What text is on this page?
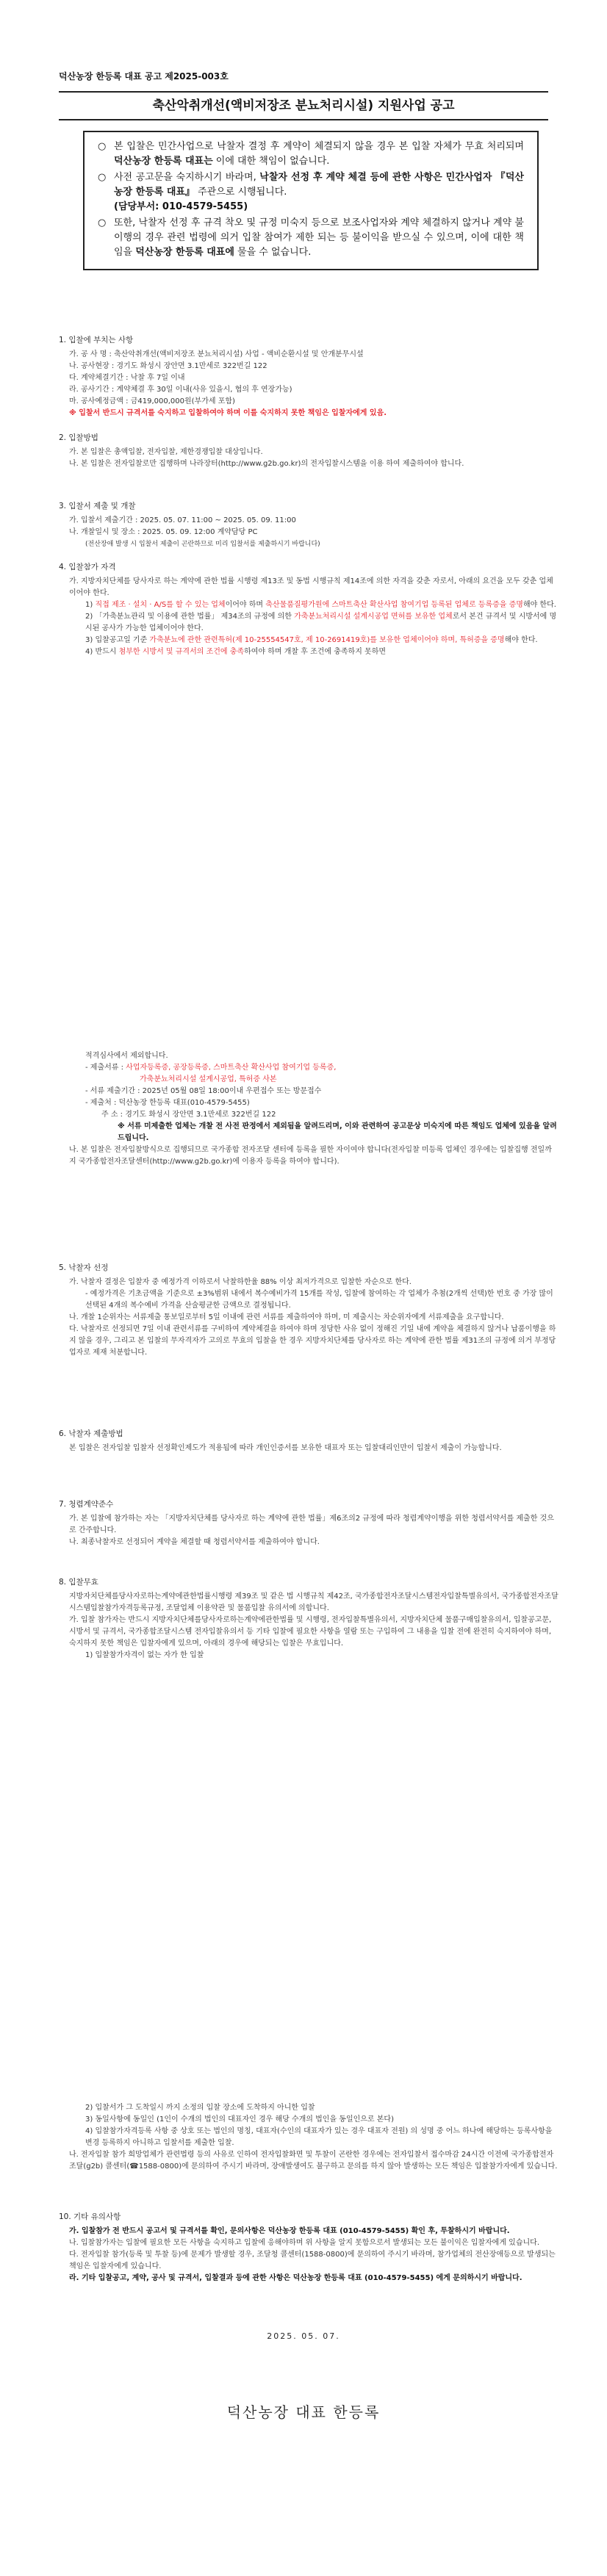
덕산농장 한등록 대표 공고 제2025-003호
축산악취개선(액비저장조 분뇨처리시설) 지원사업 공고
○ 본 입찰은 민간사업으로 낙찰자 결정 후 계약이 체결되지 않을 경우 본 입찰 자체가 무효 처리되며 덕산농장 한등록 대표는 이에 대한 책임이 없습니다.
○ 사전 공고문을 숙지하시기 바라며, 낙찰자 선정 후 계약 체결 등에 관한 사항은 민간사업자 『덕산농장 한등록 대표』 주관으로 시행됩니다.
(담당부서: 010-4579-5455)
○ 또한, 낙찰자 선정 후 규격 착오 및 규정 미숙지 등으로 보조사업자와 계약 체결하지 않거나 계약 불이행의 경우 관련 법령에 의거 입찰 참여가 제한 되는 등 불이익을 받으실 수 있으며, 이에 대한 책임을 덕산농장 한등록 대표에 물을 수 없습니다.
1. 입찰에 부치는 사항
가. 공 사 명 : 축산악취개선(액비저장조 분뇨처리시설) 사업 - 액비순환시설 및 안개분무시설
나. 공사현장 : 경기도 화성시 장안면 3.1만세로 322번길 122
다. 계약체결기간 : 낙찰 후 7일 이내
라. 공사기간 : 계약체결 후 30일 이내(사유 있을시, 협의 후 연장가능)
마. 공사예정금액 : 금419,000,000원(부가세 포함)
※ 입찰서 반드시 규격서를 숙지하고 입찰하여야 하며 이를 숙지하지 못한 책임은 입찰자에게 있음.
2. 입찰방법
가. 본 입찰은 총액입찰, 전자입찰, 제한경쟁입찰 대상입니다.
나. 본 입찰은 전자입찰로만 집행하며 나라장터(http://www.g2b.go.kr)의 전자입찰시스템을 이용 하여 제출하여야 합니다.
3. 입찰서 제출 및 개찰
가. 입찰서 제출기간 : 2025. 05. 07. 11:00 ~ 2025. 05. 09. 11:00
나. 개찰일시 및 장소 : 2025. 05. 09. 12:00 계약담당 PC
(전산장애 발생 시 입찰서 제출이 곤란하므로 미리 입찰서를 제출하시기 바랍니다)
4. 입찰참가 자격
가. 지방자치단체를 당사자로 하는 계약에 관한 법률 시행령 제13조 및 동법 시행규칙 제14조에 의한 자격을 갖춘 자로서, 아래의 요건을 모두 갖춘 업체이어야 한다.
1) 직접 제조 · 설치 · A/S를 할 수 있는 업체이어야 하며 축산물품질평가원에 스마트축산 확산사업 참여기업 등록된 업체로 등록증을 증명해야 한다.
2) 「가축분뇨관리 및 이용에 관한 법률」 제34조의 규정에 의한 가축분뇨처리시설 설계시공업 면허를 보유한 업체로서 본건 규격서 및 시방서에 명시된 공사가 가능한 업체이어야 한다.
3) 입찰공고일 기준 가축분뇨에 관한 관련특허(제 10-25554547호, 제 10-2691419호)를 보유한 업체이어야 하며, 특허증을 증명해야 한다.
4) 반드시 첨부한 시방서 및 규격서의 조건에 충족하여야 하며 개찰 후 조건에 충족하지 못하면
적격심사에서 제외합니다.
- 제출서류 : 사업자등록증, 공장등록증, 스마트축산 확산사업 참여기업 등록증,
가축분뇨처리시설 설계시공업, 특허증 사본
- 서류 제출기간 : 2025년 05월 08일 18:00이내 우편접수 또는 방문접수
- 제출처 : 덕산농장 한등록 대표(010-4579-5455)
주 소 : 경기도 화성시 장안면 3.1만세로 322번길 122
※ 서류 미제출한 업체는 개찰 전 사전 판정에서 제외됨을 알려드리며, 이와 관련하여 공고문상 미숙지에 따른 책임도 업체에 있음을 알려드립니다.
나. 본 입찰은 전자입찰방식으로 집행되므로 국가종합 전자조달 센터에 등록을 필한 자이여야 합니다(전자입찰 미등록 업체인 경우에는 입찰집행 전일까지 국가종합전자조달센터(http://www.g2b.go.kr)에 이용자 등록을 하여야 합니다).
5. 낙찰자 선정
가. 낙찰자 결정은 입찰자 중 예정가격 이하로서 낙찰하한율 88% 이상 최저가격으로 입찰한 자순으로 한다.
- 예정가격은 기초금액을 기준으로 ±3%범위 내에서 복수예비가격 15개를 작성, 입찰에 참여하는 각 업체가 추첨(2개씩 선택)한 번호 중 가장 많이 선택된 4개의 복수예비 가격을 산술평균한 금액으로 결정됩니다.
나. 개찰 1순위자는 서류제출 통보일로부터 5일 이내에 관련 서류를 제출하여야 하며, 미 제출시는 차순위자에게 서류제출을 요구합니다.
다. 낙찰자로 선정되면 7일 이내 관련서류를 구비하여 계약체결을 하여야 하며 정당한 사유 없이 정해진 기일 내에 계약을 체결하지 않거나 납품이행을 하지 않을 경우, 그리고 본 입찰의 무자격자가 고의로 무효의 입찰을 한 경우 지방자치단체를 당사자로 하는 계약에 관한 법률 제31조의 규정에 의거 부정당업자로 제재 처분합니다.
6. 낙찰자 제출방법
본 입찰은 전자입찰 입찰자 선정확인제도가 적용됨에 따라 개인인증서를 보유한 대표자 또는 입찰대리인만이 입찰서 제출이 가능합니다.
7. 청렴계약준수
가. 본 입찰에 참가하는 자는 「지방자치단체를 당사자로 하는 계약에 관한 법률」제6조의2 규정에 따라 청렴계약이행을 위한 청렴서약서를 제출한 것으로 간주합니다.
나. 최종낙찰자로 선정되어 계약을 체결할 때 청렴서약서를 제출하여야 합니다.
8. 입찰무효
지방자치단체를당사자로하는계약에관한법률시행령 제39조 및 같은 법 시행규칙 제42조, 국가종합전자조달시스템전자입찰특별유의서, 국가종합전자조달시스템입찰참가자격등록규정, 조달업체 이용약관 및 물품입찰 유의서에 의합니다.
가. 입찰 참가자는 반드시 지방자치단체를당사자로하는계약에관한법률 및 시행령, 전자입찰특별유의서, 지방자치단체 물품구매입찰유의서, 입찰공고문, 시방서 및 규격서, 국가종합조달시스템 전자입찰유의서 등 기타 입찰에 필요한 사항을 열람 또는 구입하여 그 내용을 입찰 전에 완전히 숙지하여야 하며, 숙지하지 못한 책임은 입찰자에게 있으며, 아래의 경우에 해당되는 입찰은 무효입니다.
1) 입찰참가자격이 없는 자가 한 입찰
2) 입찰서가 그 도착일시 까지 소정의 입찰 장소에 도착하지 아니한 입찰
3) 동일사항에 동일인 (1인이 수개의 법인의 대표자인 경우 해당 수개의 법인을 동일인으로 본다)
4) 입찰참가자격등록 사항 중 상호 또는 법인의 명칭, 대표자(수인의 대표자가 있는 경우 대표자 전원) 의 성명 중 어느 하나에 해당하는 등록사항을 변경 등록하지 아니하고 입찰서를 제출한 입찰.
나. 전자입찰 참가 희망업체가 관련법령 등의 사유로 인하여 전자입찰화면 및 투찰이 곤란한 경우에는 전자입찰서 접수마감 24시간 이전에 국가종합전자조달(g2b) 콜센터(☎1588-0800)에 문의하여 주시기 바라며, 장애발생여도 불구하고 문의를 하지 않아 발생하는 모든 책임은 입찰참가자에게 있습니다.
10. 기타 유의사항
가. 입찰참가 전 반드시 공고서 및 규격서를 확인, 문의사항은 덕산농장 한등록 대표 (010-4579-5455) 확인 후, 투찰하시기 바랍니다.
나. 입찰참가자는 입찰에 필요한 모든 사항을 숙지하고 입찰에 응해야하며 위 사항을 알지 못함으로서 발생되는 모든 불이익은 입찰자에게 있습니다.
다. 전자입찰 참가(등록 및 투찰 등)에 문제가 발생할 경우, 조달청 콜센터(1588-0800)에 문의하여 주시기 바라며, 참가업체의 전산장애등으로 발생되는 책임은 입찰자에게 있습니다.
라. 기타 입찰공고, 계약, 공사 및 규격서, 입찰결과 등에 관한 사항은 덕산농장 한등록 대표 (010-4579-5455) 에게 문의하시기 바랍니다.
2025. 05. 07.
덕산농장 대표 한등록
